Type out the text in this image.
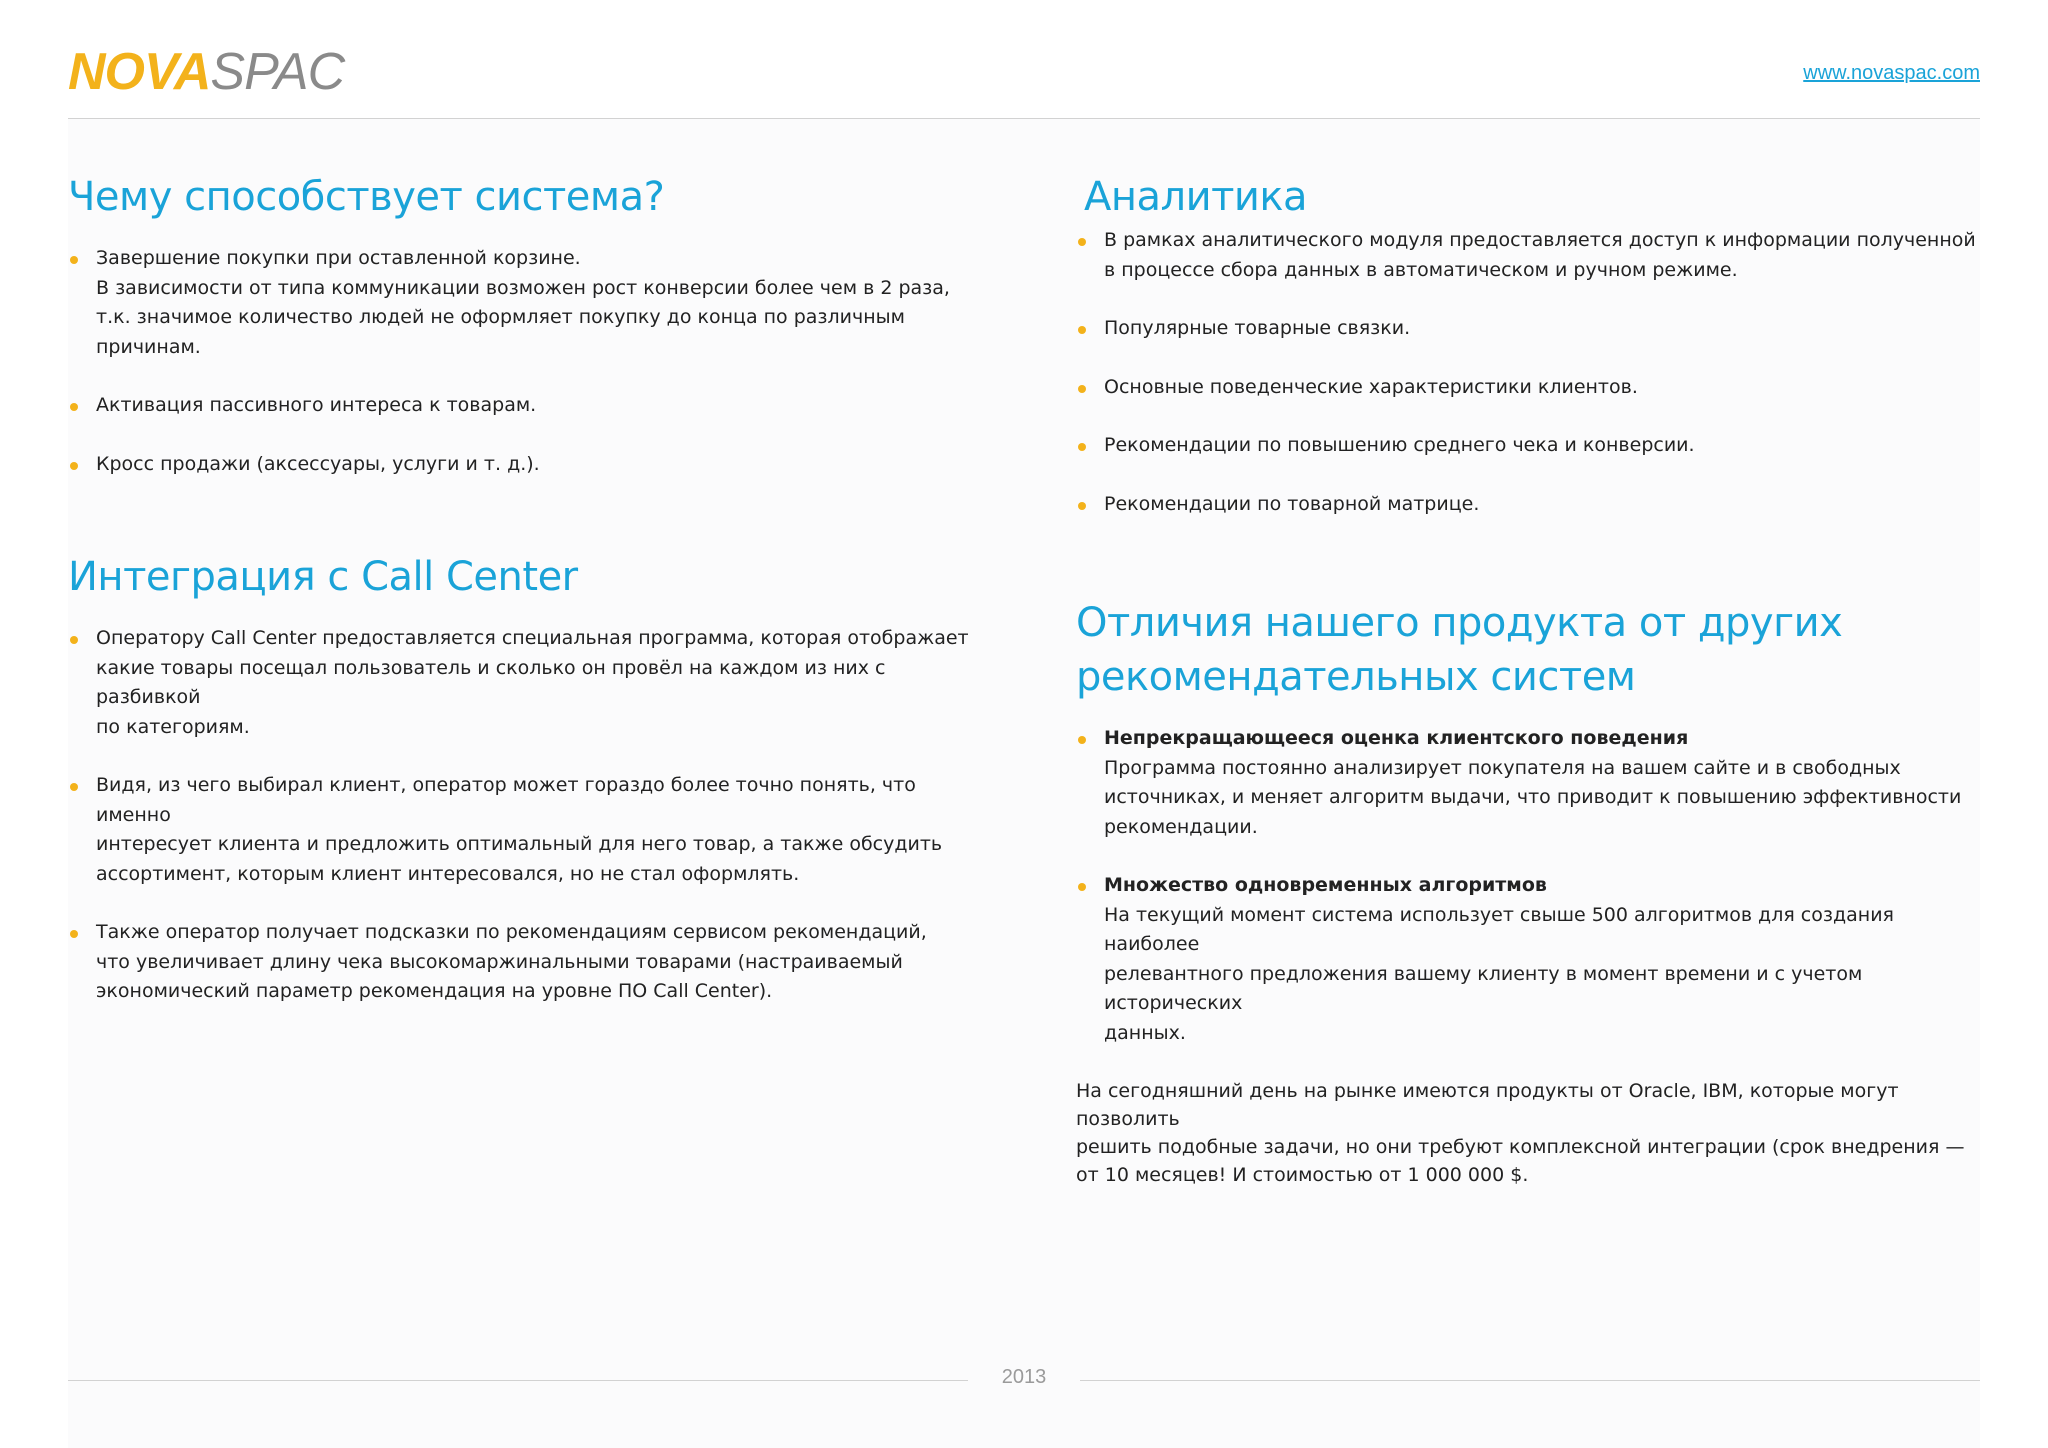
NOVASPAC	www.novaspac.com
Чему способствует система?
Завершение покупки при оставленной корзине.
В зависимости от типа коммуникации возможен рост конверсии более чем в 2 раза,
т.к. значимое количество людей не оформляет покупку до конца по различным
причинам.
Активация пассивного интереса к товарам.
Кросс продажи (аксессуары, услуги и т. д.).
Интеграция с Call Center
Оператору Call Center предоставляется специальная программа, которая отображает
какие товары посещал пользователь и сколько он провёл на каждом из них с разбивкой
по категориям.
Видя, из чего выбирал клиент, оператор может гораздо более точно понять, что именно
интересует клиента и предложить оптимальный для него товар, а также обсудить
ассортимент, которым клиент интересовался, но не стал оформлять.
Также оператор получает подсказки по рекомендациям сервисом рекомендаций,
что увеличивает длину чека высокомаржинальными товарами (настраиваемый
экономический параметр рекомендация на уровне ПО Call Center).
Аналитика
В рамках аналитического модуля предоставляется доступ к информации полученной
в процессе сбора данных в автоматическом и ручном режиме.
Популярные товарные связки.
Основные поведенческие характеристики клиентов.
Рекомендации по повышению среднего чека и конверсии.
Рекомендации по товарной матрице.
Отличия нашего продукта от других
рекомендательных систем
Непрекращающееся оценка клиентского поведения
Программа постоянно анализирует покупателя на вашем сайте и в свободных
источниках, и меняет алгоритм выдачи, что приводит к повышению эффективности
рекомендации.
Множество одновременных алгоритмов
На текущий момент система использует свыше 500 алгоритмов для создания наиболее
релевантного предложения вашему клиенту в момент времени и с учетом исторических
данных.

На сегодняшний день на рынке имеются продукты от Oracle, IBM, которые могут позволить
решить подобные задачи, но они требуют комплексной интеграции (срок внедрения —
от 10 месяцев! И стоимостью от 1 000 000 $.

2013
